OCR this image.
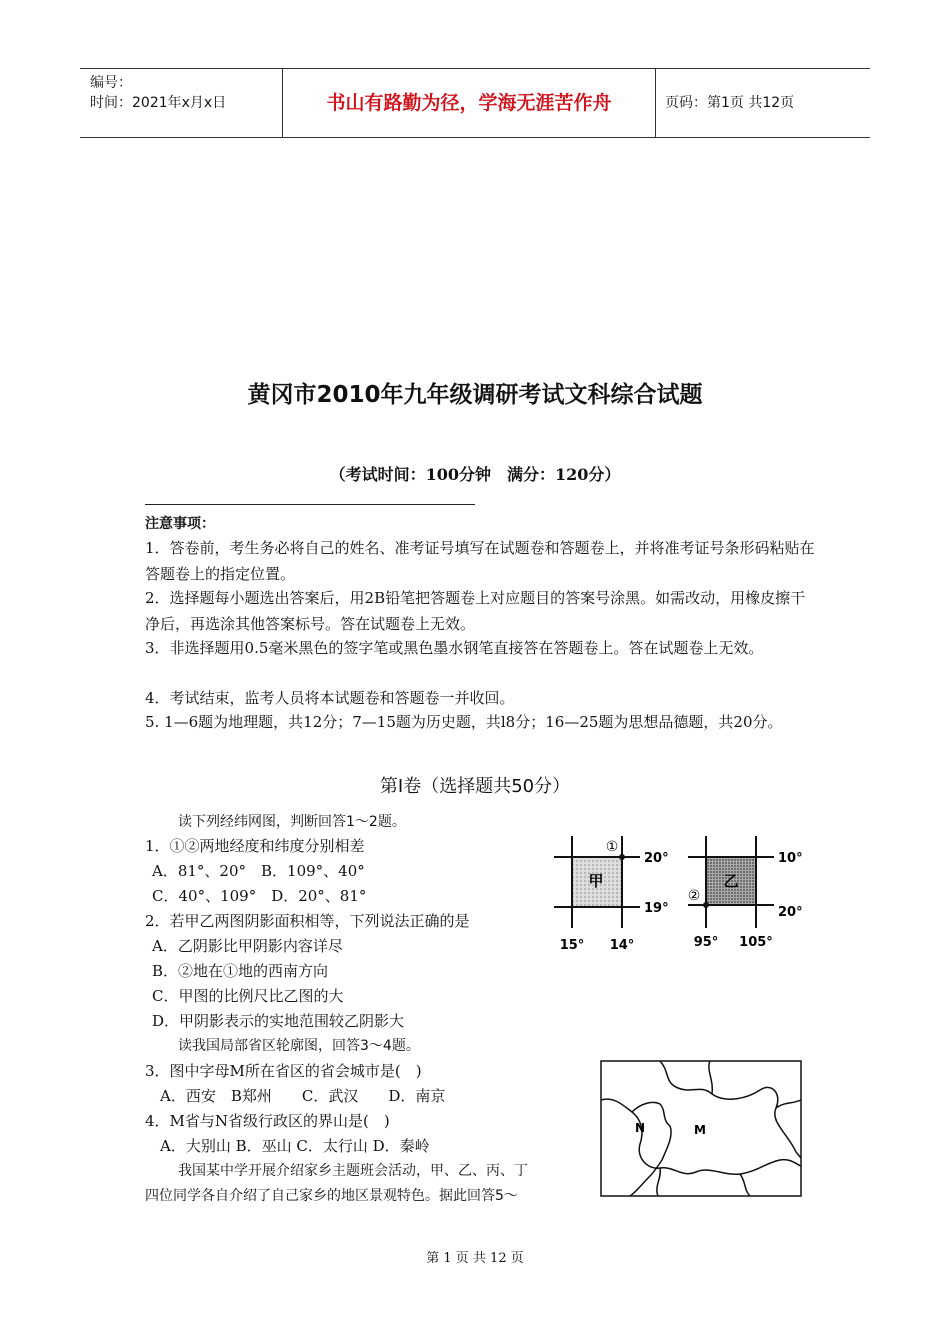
编号：
时间：2021年x月x日	书山有路勤为径，学海无涯苦作舟	页码：第1页 共12页
黄冈市2010年九年级调研考试文科综合试题
（考试时间：100分钟　满分：120分）
注意事项：
1．答卷前，考生务必将自己的姓名、准考证号填写在试题卷和答题卷上，并将准考证号条形码粘贴在答题卷上的指定位置。
2．选择题每小题选出答案后，用2B铅笔把答题卷上对应题目的答案号涂黑。如需改动，用橡皮擦干净后，再选涂其他答案标号。答在试题卷上无效。
3．非选择题用0.5毫米黑色的签字笔或黑色墨水钢笔直接答在答题卷上。答在试题卷上无效。
4．考试结束，监考人员将本试题卷和答题卷一并收回。
5. 1—6题为地理题，共12分；7—15题为历史题，共l8分；16—25题为思想品德题，共20分。
第Ⅰ卷（选择题共50分）
读下列经纬网图，判断回答1～2题。
1．①②两地经度和纬度分别相差
A．81°、20°　B．109°、40°
C．40°、109°　D．20°、81°
2．若甲乙两图阴影面积相等，下列说法正确的是
A．乙阴影比甲阴影内容详尽
B．②地在①地的西南方向
C．甲图的比例尺比乙图的大
D．甲阴影表示的实地范围较乙阴影大
读我国局部省区轮廓图，回答3～4题。
3．图中字母M所在省区的省会城市是(　)
A．西安　B郑州　　C．武汉　　D．南京
4．M省与N省级行政区的界山是(　)
A．大别山 B．巫山 C．太行山 D．秦岭
我国某中学开展介绍家乡主题班会活动，甲、乙、丙、丁
四位同学各自介绍了自己家乡的地区景观特色。据此回答5～
甲
①
20°
19°
15° 14°
乙
②
10°
20°
95° 105°
N	M
第 1 页 共 12 页
